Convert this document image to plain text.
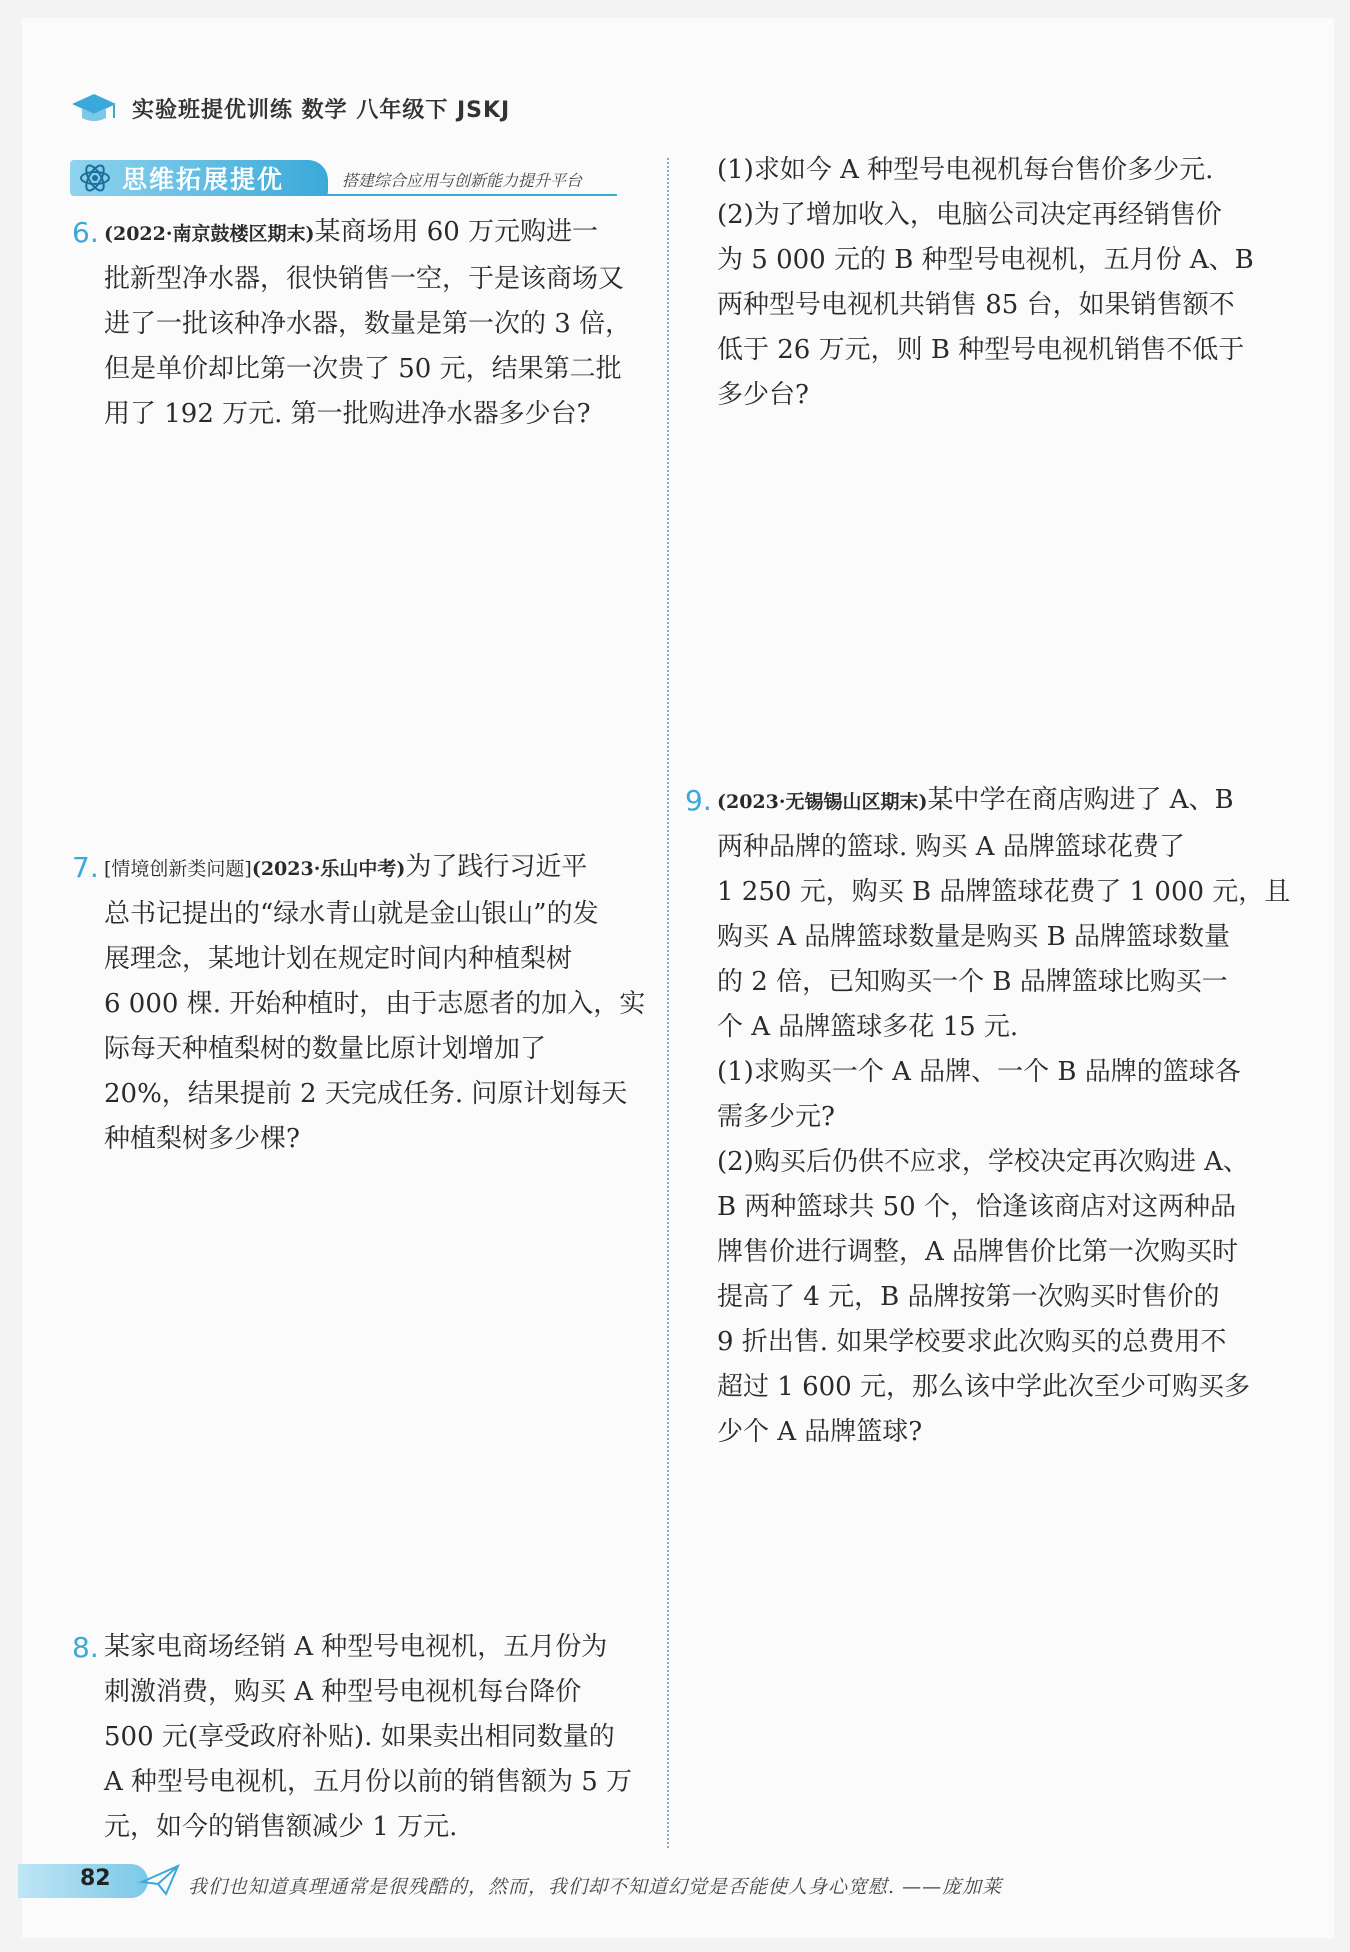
实验班提优训练 数学 八年级下 JSKJ
思维拓展提优	搭建综合应用与创新能力提升平台
6. (2022·南京鼓楼区期末)某商场用 60 万元购进一
批新型净水器，很快销售一空，于是该商场又
进了一批该种净水器，数量是第一次的 3 倍，
但是单价却比第一次贵了 50 元，结果第二批
用了 192 万元. 第一批购进净水器多少台?
7. [情境创新类问题](2023·乐山中考)为了践行习近平
总书记提出的“绿水青山就是金山银山”的发
展理念，某地计划在规定时间内种植梨树
6 000 棵. 开始种植时，由于志愿者的加入，实
际每天种植梨树的数量比原计划增加了
20%，结果提前 2 天完成任务. 问原计划每天
种植梨树多少棵?
8. 某家电商场经销 A 种型号电视机，五月份为
刺激消费，购买 A 种型号电视机每台降价
500 元(享受政府补贴). 如果卖出相同数量的
A 种型号电视机，五月份以前的销售额为 5 万
元，如今的销售额减少 1 万元.
(1)求如今 A 种型号电视机每台售价多少元.
(2)为了增加收入，电脑公司决定再经销售价
为 5 000 元的 B 种型号电视机，五月份 A、B
两种型号电视机共销售 85 台，如果销售额不
低于 26 万元，则 B 种型号电视机销售不低于
多少台?
9. (2023·无锡锡山区期末)某中学在商店购进了 A、B
两种品牌的篮球. 购买 A 品牌篮球花费了
1 250 元，购买 B 品牌篮球花费了 1 000 元，且
购买 A 品牌篮球数量是购买 B 品牌篮球数量
的 2 倍，已知购买一个 B 品牌篮球比购买一
个 A 品牌篮球多花 15 元.
(1)求购买一个 A 品牌、一个 B 品牌的篮球各
需多少元?
(2)购买后仍供不应求，学校决定再次购进 A、
B 两种篮球共 50 个，恰逢该商店对这两种品
牌售价进行调整，A 品牌售价比第一次购买时
提高了 4 元，B 品牌按第一次购买时售价的
9 折出售. 如果学校要求此次购买的总费用不
超过 1 600 元，那么该中学此次至少可购买多
少个 A 品牌篮球?
82	我们也知道真理通常是很残酷的，然而，我们却不知道幻觉是否能使人身心宽慰. ——庞加莱
